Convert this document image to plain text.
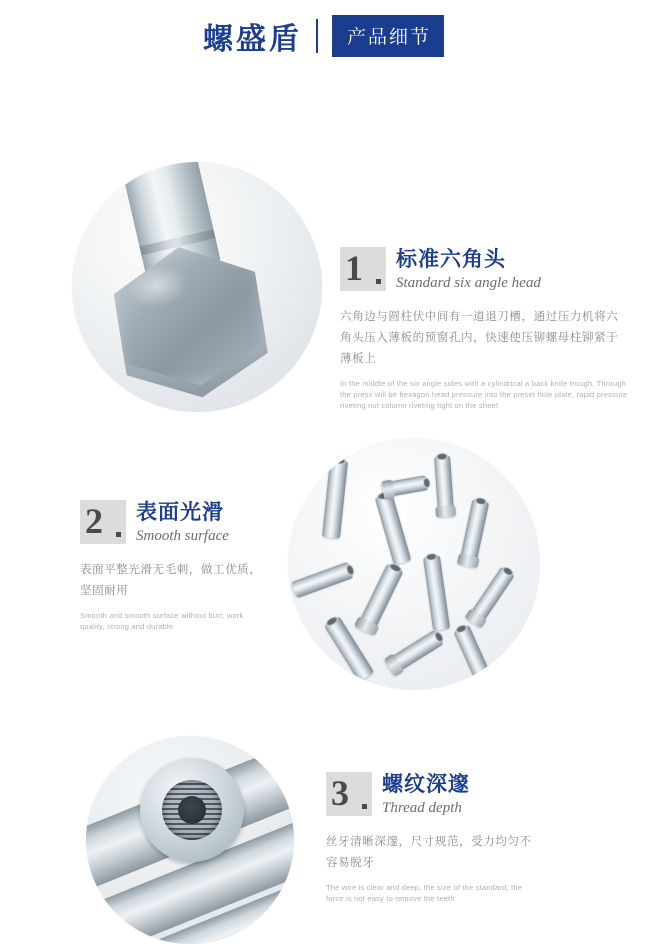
螺盛盾	产品细节
1 标准六角头
Standard six angle head
六角边与圆柱伏中间有一道退刀槽，通过压力机将六角头压入薄板的预窗孔内，快速使压铆螺母柱铆紧于薄板上
In the middle of the six angle sides with a cylindrical a back knife trough. Through the press will be hexagon head pressure into the preset hole plate, rapid pressure riveting nut column riveting tight on the sheet
2 表面光滑
Smooth surface
表面平整光滑无毛刺，做工优质，坚固耐用
Smooth and smooth surface without burr, work quality, strong and durable
3 螺纹深邃
Thread depth
丝牙清晰深邃，尺寸规范，受力均匀不容易脱牙
The wire is clear and deep, the size of the standard, the force is not easy to remove the teeth
